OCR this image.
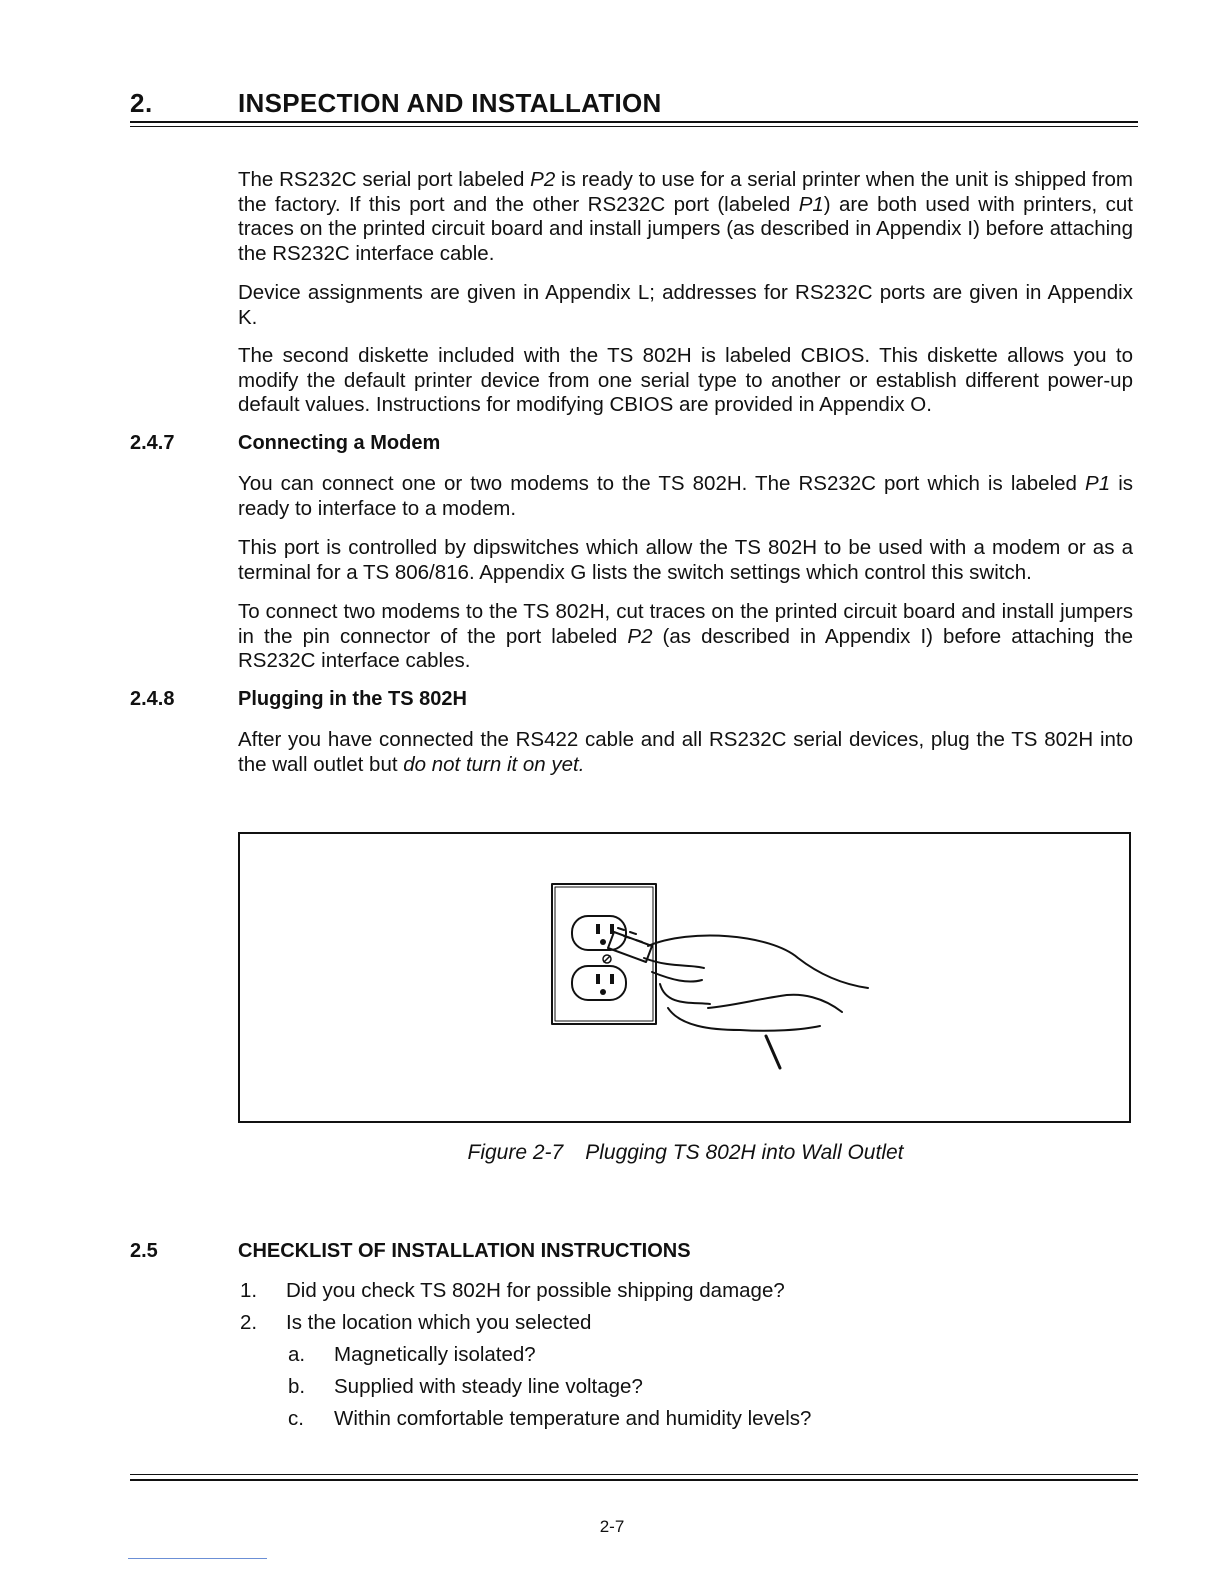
2.	INSPECTION AND INSTALLATION

The RS232C serial port labeled P2 is ready to use for a serial printer when the unit is shipped from the factory. If this port and the other RS232C port (labeled P1) are both used with printers, cut traces on the printed circuit board and install jumpers (as described in Appendix I) before attaching the RS232C interface cable.

Device assignments are given in Appendix L; addresses for RS232C ports are given in Appendix K.

The second diskette included with the TS 802H is labeled CBIOS. This diskette allows you to modify the default printer device from one serial type to another or establish different power-up default values. Instructions for modifying CBIOS are provided in Appendix O.

2.4.7	Connecting a Modem

You can connect one or two modems to the TS 802H. The RS232C port which is labeled P1 is ready to interface to a modem.

This port is controlled by dipswitches which allow the TS 802H to be used with a modem or as a terminal for a TS 806/816. Appendix G lists the switch settings which control this switch.

To connect two modems to the TS 802H, cut traces on the printed circuit board and install jumpers in the pin connector of the port labeled P2 (as described in Appendix I) before attaching the RS232C interface cables.

2.4.8	Plugging in the TS 802H

After you have connected the RS422 cable and all RS232C serial devices, plug the TS 802H into the wall outlet but do not turn it on yet.

Figure 2-7 Plugging TS 802H into Wall Outlet
2.5	CHECKLIST OF INSTALLATION INSTRUCTIONS
1. Did you check TS 802H for possible shipping damage?
2. Is the location which you selected
a. Magnetically isolated?
b. Supplied with steady line voltage?
c. Within comfortable temperature and humidity levels?
2-7
